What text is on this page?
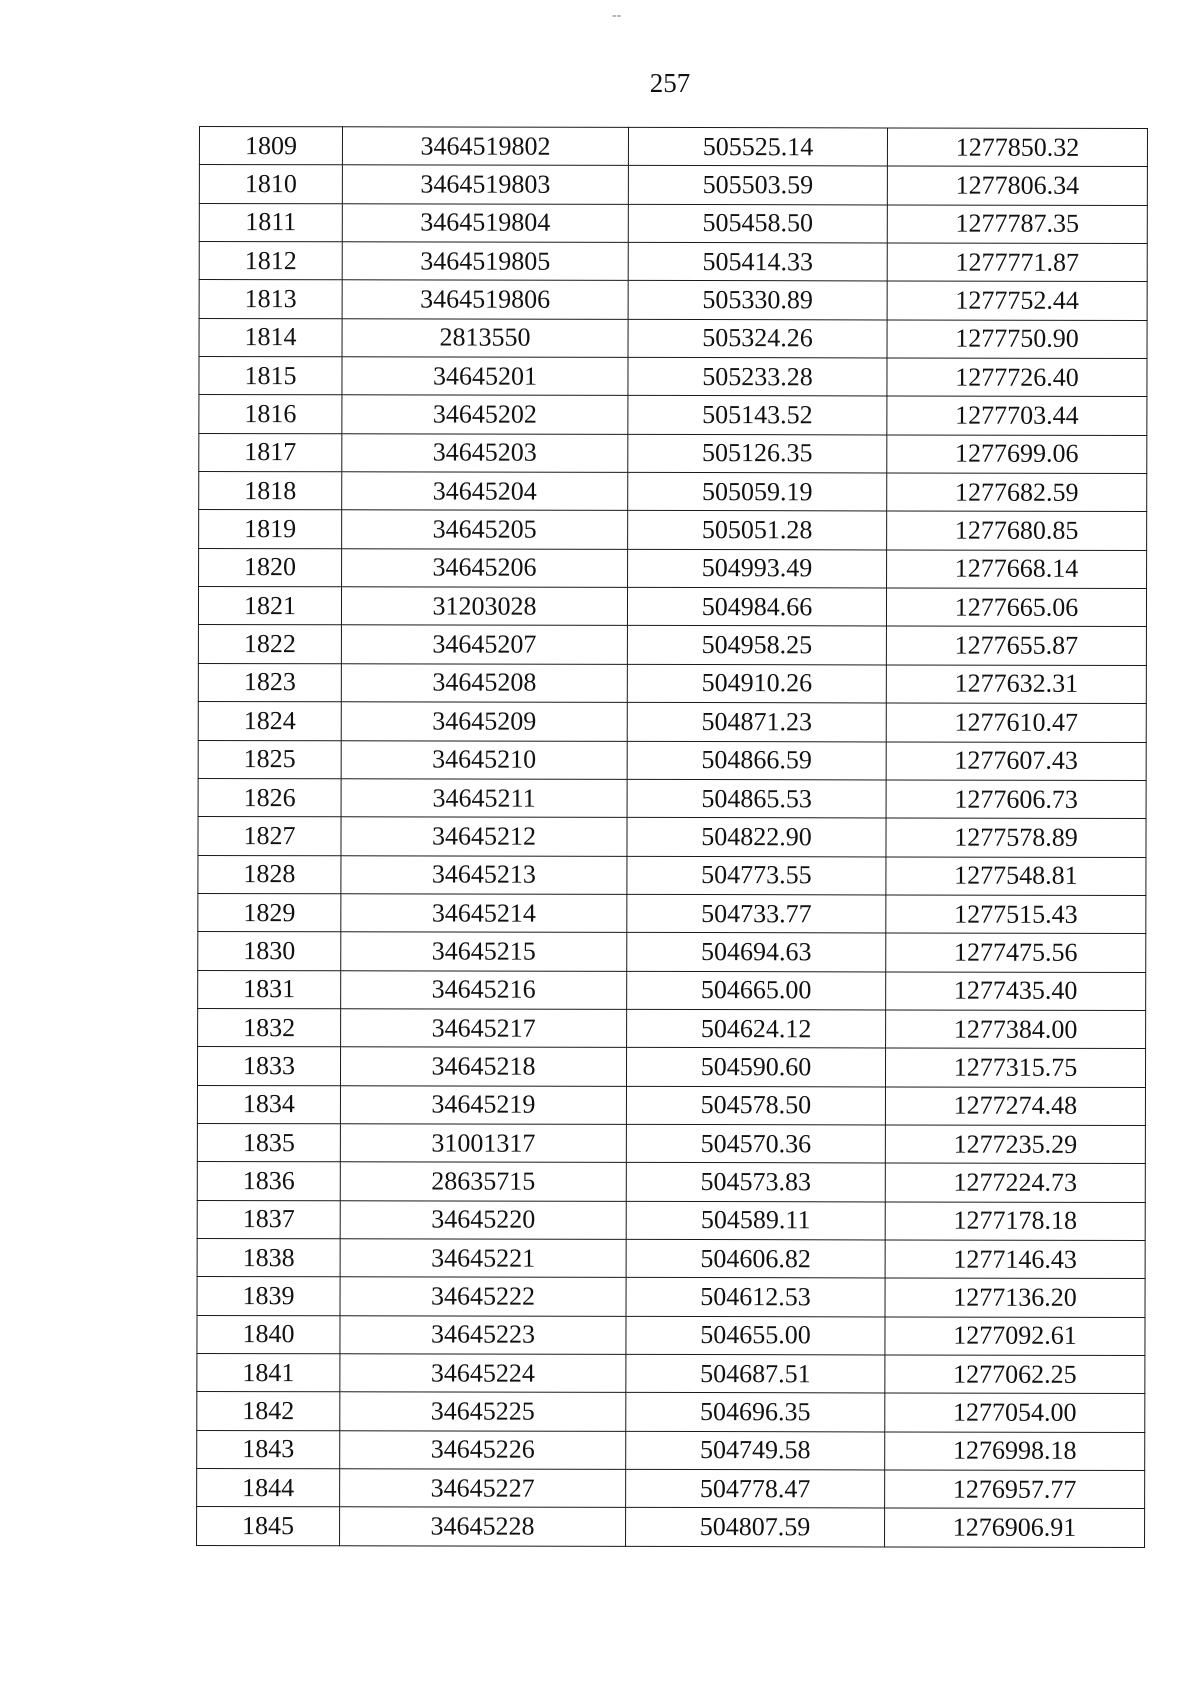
--
257
1809	3464519802	505525.14	1277850.32
1810	3464519803	505503.59	1277806.34
1811	3464519804	505458.50	1277787.35
1812	3464519805	505414.33	1277771.87
1813	3464519806	505330.89	1277752.44
1814	2813550	505324.26	1277750.90
1815	34645201	505233.28	1277726.40
1816	34645202	505143.52	1277703.44
1817	34645203	505126.35	1277699.06
1818	34645204	505059.19	1277682.59
1819	34645205	505051.28	1277680.85
1820	34645206	504993.49	1277668.14
1821	31203028	504984.66	1277665.06
1822	34645207	504958.25	1277655.87
1823	34645208	504910.26	1277632.31
1824	34645209	504871.23	1277610.47
1825	34645210	504866.59	1277607.43
1826	34645211	504865.53	1277606.73
1827	34645212	504822.90	1277578.89
1828	34645213	504773.55	1277548.81
1829	34645214	504733.77	1277515.43
1830	34645215	504694.63	1277475.56
1831	34645216	504665.00	1277435.40
1832	34645217	504624.12	1277384.00
1833	34645218	504590.60	1277315.75
1834	34645219	504578.50	1277274.48
1835	31001317	504570.36	1277235.29
1836	28635715	504573.83	1277224.73
1837	34645220	504589.11	1277178.18
1838	34645221	504606.82	1277146.43
1839	34645222	504612.53	1277136.20
1840	34645223	504655.00	1277092.61
1841	34645224	504687.51	1277062.25
1842	34645225	504696.35	1277054.00
1843	34645226	504749.58	1276998.18
1844	34645227	504778.47	1276957.77
1845	34645228	504807.59	1276906.91
